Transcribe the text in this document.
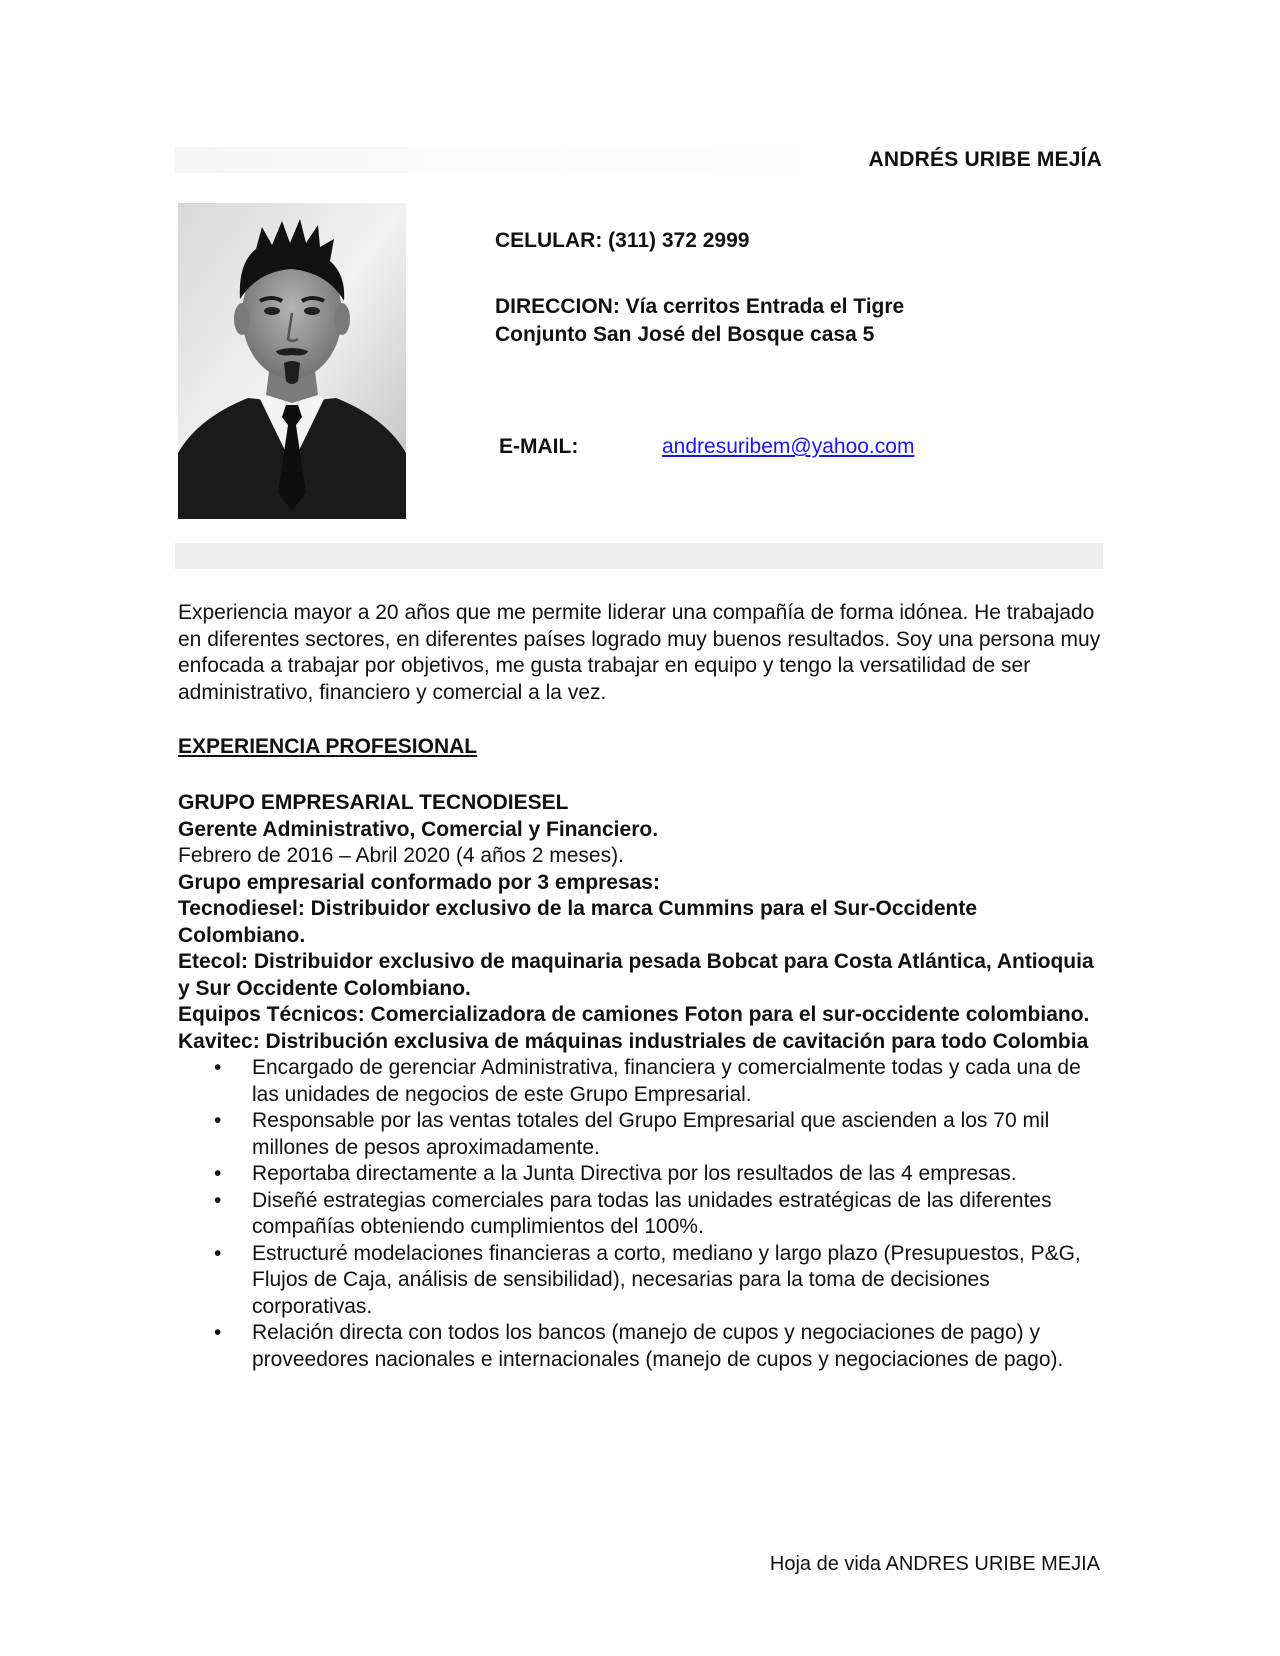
ANDRÉS URIBE MEJÍA
CELULAR: (311) 372 2999
DIRECCION: Vía cerritos Entrada el Tigre
Conjunto San José del Bosque casa 5
E-MAIL:	andresuribem@yahoo.com
Experiencia mayor a 20 años que me permite liderar una compañía de forma idónea. He trabajado en diferentes sectores, en diferentes países logrado muy buenos resultados. Soy una persona muy enfocada a trabajar por objetivos, me gusta trabajar en equipo y tengo la versatilidad de ser administrativo, financiero y comercial a la vez.
EXPERIENCIA PROFESIONAL

GRUPO EMPRESARIAL TECNODIESEL

Gerente Administrativo, Comercial y Financiero.

Febrero de 2016 – Abril 2020 (4 años 2 meses).

Grupo empresarial conformado por 3 empresas:

Tecnodiesel: Distribuidor exclusivo de la marca Cummins para el Sur-Occidente Colombiano.

Etecol: Distribuidor exclusivo de maquinaria pesada Bobcat para Costa Atlántica, Antioquia y Sur Occidente Colombiano.

Equipos Técnicos: Comercializadora de camiones Foton para el sur-occidente colombiano.

Kavitec: Distribución exclusiva de máquinas industriales de cavitación para todo Colombia

• Encargado de gerenciar Administrativa, financiera y comercialmente todas y cada una de las unidades de negocios de este Grupo Empresarial.
• Responsable por las ventas totales del Grupo Empresarial que ascienden a los 70 mil millones de pesos aproximadamente.
• Reportaba directamente a la Junta Directiva por los resultados de las 4 empresas.
• Diseñé estrategias comerciales para todas las unidades estratégicas de las diferentes compañías obteniendo cumplimientos del 100%.
• Estructuré modelaciones financieras a corto, mediano y largo plazo (Presupuestos, P&G, Flujos de Caja, análisis de sensibilidad), necesarias para la toma de decisiones corporativas.
• Relación directa con todos los bancos (manejo de cupos y negociaciones de pago) y proveedores nacionales e internacionales (manejo de cupos y negociaciones de pago).
Hoja de vida ANDRES URIBE MEJIA
